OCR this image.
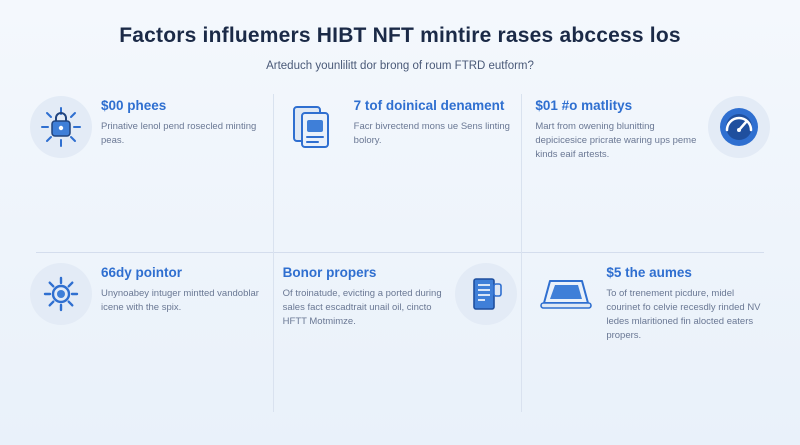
Factors influemers HIBT NFT mintire rases abccess los
Arteduch younlilitt dor brong of roum FTRD eutform?
$00 phees
Prinative lenol pend rosecled minting peas.
7 tof doinical denament
Facr bivrectend mons ue Sens linting bolory.
$01 #o matlitys
Mart from owening blunitting depicicesice pricrate waring ups peme kinds eaif artests.
66dy pointor
Unynoabey intuger mintted vandoblar icene with the spix.
Bonor propers
Of troinatude, evicting a ported during sales fact escadtrait unail oil, cincto HFTT Motmimze.
$5 the aumes
To of trenement picdure, midel courinet fo celvie recesdly rinded NV ledes mlaritioned fin alocted eaters propers.
